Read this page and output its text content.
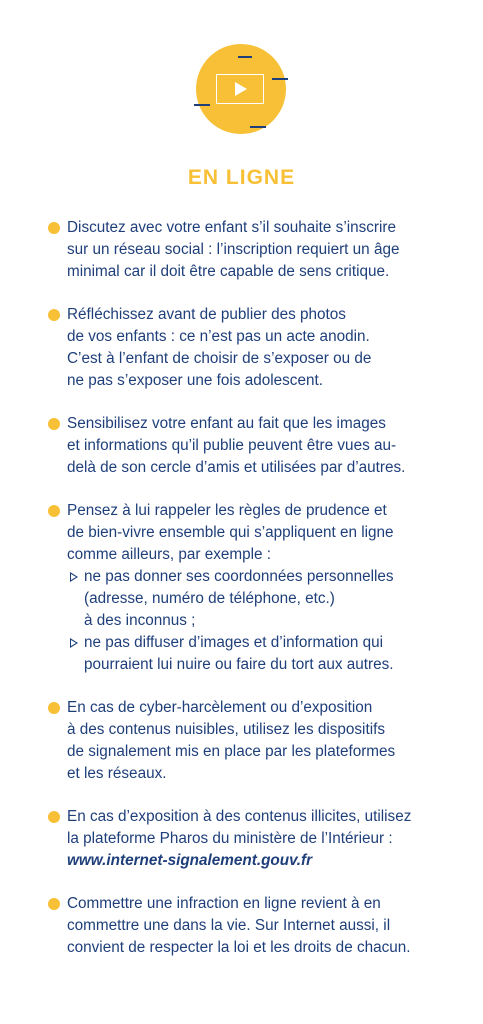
EN LIGNE
Discutez avec votre enfant s’il souhaite s’inscrire
sur un réseau social : l’inscription requiert un âge
minimal car il doit être capable de sens critique.
Réfléchissez avant de publier des photos
de vos enfants : ce n’est pas un acte anodin.
C’est à l’enfant de choisir de s’exposer ou de
ne pas s’exposer une fois adolescent.
Sensibilisez votre enfant au fait que les images
et informations qu’il publie peuvent être vues au-
delà de son cercle d’amis et utilisées par d’autres.
Pensez à lui rappeler les règles de prudence et
de bien-vivre ensemble qui s’appliquent en ligne
comme ailleurs, par exemple :
ne pas donner ses coordonnées personnelles
(adresse, numéro de téléphone, etc.)
à des inconnus ;
ne pas diffuser d’images et d’information qui
pourraient lui nuire ou faire du tort aux autres.
En cas de cyber-harcèlement ou d’exposition
à des contenus nuisibles, utilisez les dispositifs
de signalement mis en place par les plateformes
et les réseaux.
En cas d’exposition à des contenus illicites, utilisez
la plateforme Pharos du ministère de l’Intérieur :
www.internet-signalement.gouv.fr
Commettre une infraction en ligne revient à en
commettre une dans la vie. Sur Internet aussi, il
convient de respecter la loi et les droits de chacun.
